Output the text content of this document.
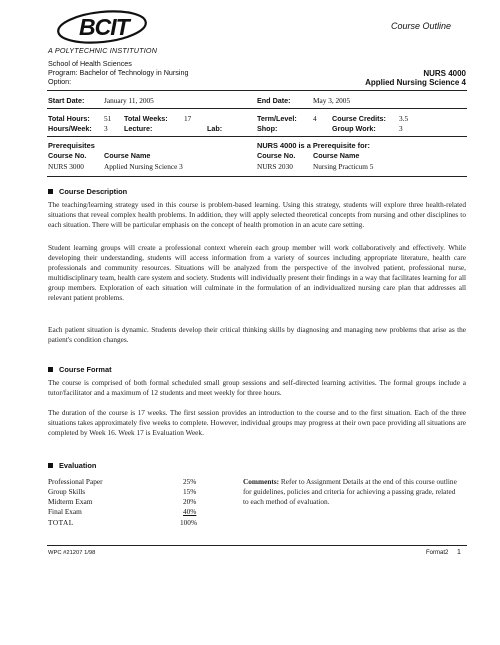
BCIT	Course Outline
A POLYTECHNIC INSTITUTION
School of Health Sciences
Program: Bachelor of Technology in Nursing
Option:
NURS 4000
Applied Nursing Science 4
Start Date:	January 11, 2005	End Date:	May 3, 2005
Total Hours: 51 Total Weeks: 17	Term/Level: 4 Course Credits: 3.5
Hours/Week: 3 Lecture:	Lab:	Shop:	Group Work:	3
Prerequisites	NURS 4000 is a Prerequisite for:
Course No. Course Name	Course No. Course Name
NURS 3000	Applied Nursing Science 3	NURS 2030	Nursing Practicum 5
Course Description
The teaching/learning strategy used in this course is problem-based learning. Using this strategy, students will explore three health-related situations that reveal complex health problems. In addition, they will apply selected theoretical concepts from nursing and other disciplines to each situation. There will be particular emphasis on the concept of health promotion in an acute care setting.
Student learning groups will create a professional context wherein each group member will work collaboratively and effectively. While developing their understanding, students will access information from a variety of sources including appropriate literature, health care professionals and community resources. Situations will be analyzed from the perspective of the involved patient, professional nurse, multidisciplinary team, health care system and society. Students will individually present their findings in a way that facilitates learning for all group members. Exploration of each situation will culminate in the formulation of an individualized nursing care plan that addresses all relevant patient problems.
Each patient situation is dynamic. Students develop their critical thinking skills by diagnosing and managing new problems that arise as the patient's condition changes.
Course Format
The course is comprised of both formal scheduled small group sessions and self-directed learning activities. The formal groups include a tutor/facilitator and a maximum of 12 students and meet weekly for three hours.
The duration of the course is 17 weeks. The first session provides an introduction to the course and to the first situation. Each of the three situations takes approximately five weeks to complete. However, individual groups may progress at their own pace providing all situations are completed by Week 16. Week 17 is Evaluation Week.
Evaluation
Professional Paper	25%
Group Skills	15%
Midterm Exam	20%
Final Exam	40%
TOTAL	100%
Comments: Refer to Assignment Details at the end of this course outline for guidelines, policies and criteria for achieving a passing grade, related to each method of evaluation.
WPC #21207 1/98	Format2 1
